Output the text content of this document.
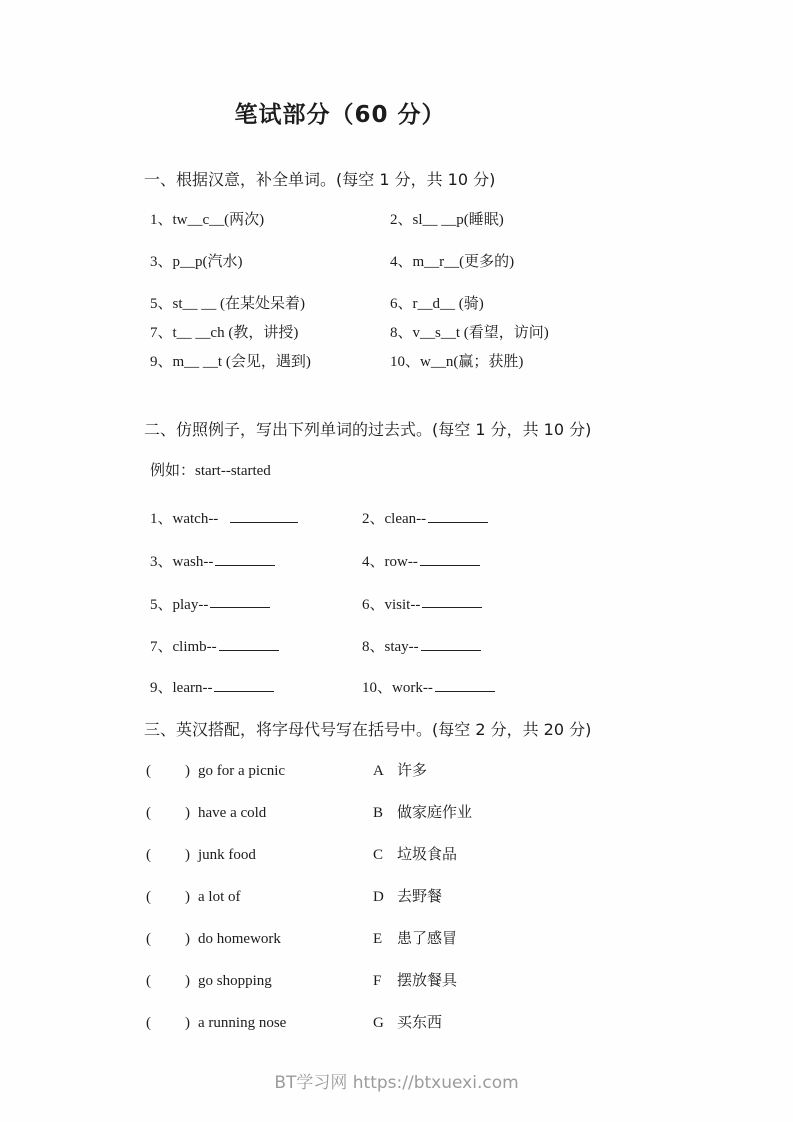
笔试部分（60 分）
一、根据汉意，补全单词。(每空 1 分，共 10 分)
1、tw__c__(两次)	2、sl__ __p(睡眠)
3、p__p(汽水)	4、m__r__(更多的)
5、st__ __ (在某处呆着)	6、r__d__ (骑)
7、t__ __ch (教，讲授)	8、v__s__t (看望，访问)
9、m__ __t (会见，遇到)	10、w__n(赢；获胜)
二、仿照例子，写出下列单词的过去式。(每空 1 分，共 10 分)
例如：start--started
1、watch--	2、clean--
3、wash--	4、row--
5、play--	6、visit--
7、climb--	8、stay--
9、learn--	10、work--
三、英汉搭配，将字母代号写在括号中。(每空 2 分，共 20 分)
( ) go for a picnic	A 许多
( ) have a cold	B 做家庭作业
( ) junk food	C 垃圾食品
( ) a lot of	D 去野餐
( ) do homework	E 患了感冒
( ) go shopping	F	摆放餐具
( ) a running nose	G 买东西
BT学习网 https://btxuexi.com
